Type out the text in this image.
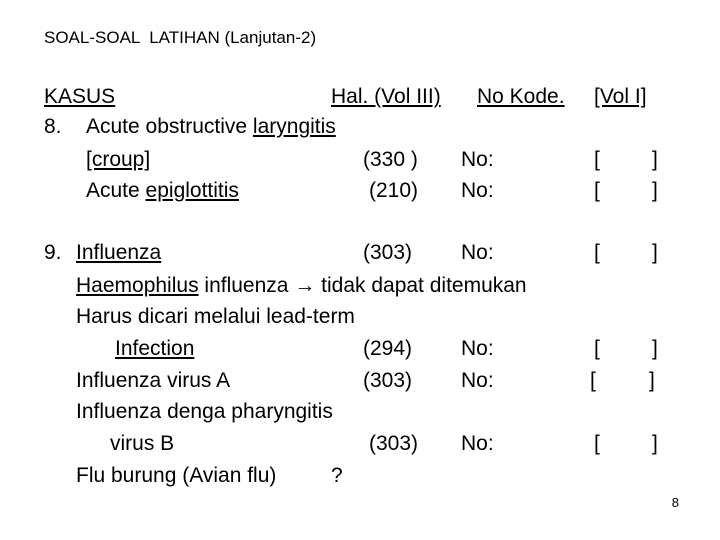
SOAL-SOAL  LATIHAN (Lanjutan-2)
KASUS	Hal. (Vol III) No Kode. [Vol I]
8. Acute obstructive laryngitis
[croup]	(330 ) No:	[ ]
Acute epiglottitis	(210) No:	[ ]
9. Influenza	(303) No:	[ ]
Haemophilus influenza → tidak dapat ditemukan
Harus dicari melalui lead-term
Infection	(294) No:	[ ]
Influenza virus A	(303) No:	[	]
Influenza denga pharyngitis
virus B	(303) No:	[ ]
Flu burung (Avian flu)	?
8
